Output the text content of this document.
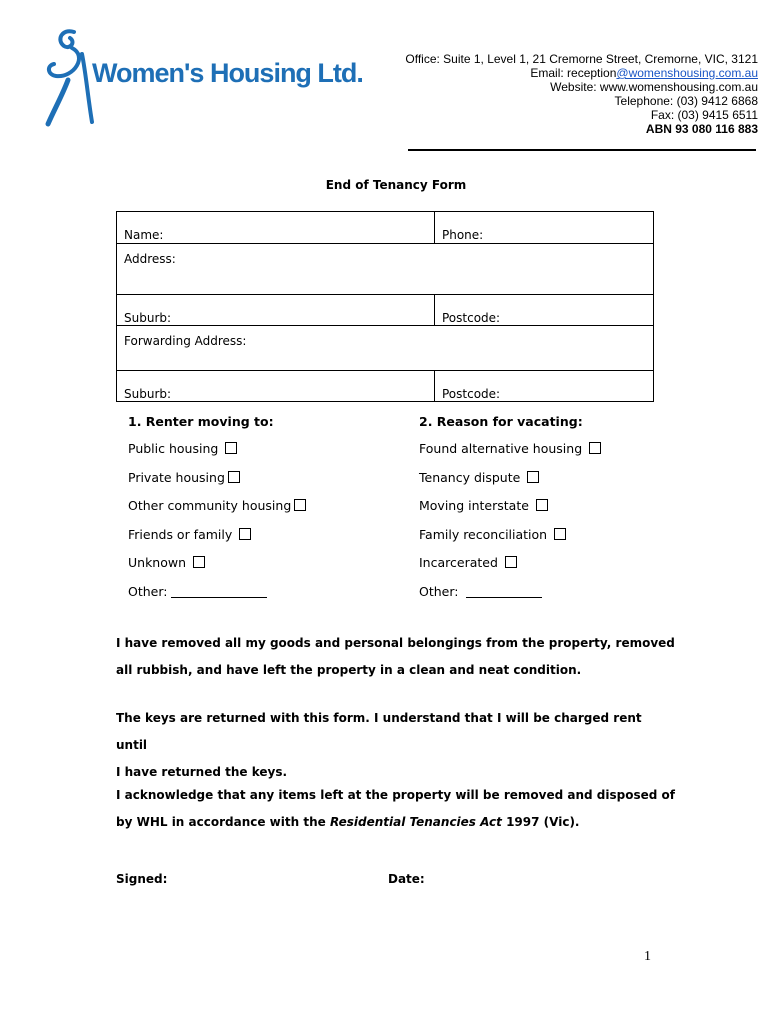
Women's Housing Ltd.	Office: Suite 1, Level 1, 21 Cremorne Street, Cremorne, VIC, 3121
Email: reception@womenshousing.com.au
Website: www.womenshousing.com.au
Telephone: (03) 9412 6868
Fax: (03) 9415 6511
ABN 93 080 116 883
End of Tenancy Form
Name:	Phone:
Address:	
Suburb:	Postcode:
Forwarding Address:	
Suburb:	Postcode:
1. Renter moving to:
Public housing
Private housing
Other community housing
Friends or family
Unknown
Other:
2. Reason for vacating:
Found alternative housing
Tenancy dispute
Moving interstate
Family reconciliation
Incarcerated
Other:
I have removed all my goods and personal belongings from the property, removed
all rubbish, and have left the property in a clean and neat condition.
The keys are returned with this form. I understand that I will be charged rent until
I have returned the keys.
I acknowledge that any items left at the property will be removed and disposed of
by WHL in accordance with the Residential Tenancies Act 1997 (Vic).
Signed:	Date:
1
